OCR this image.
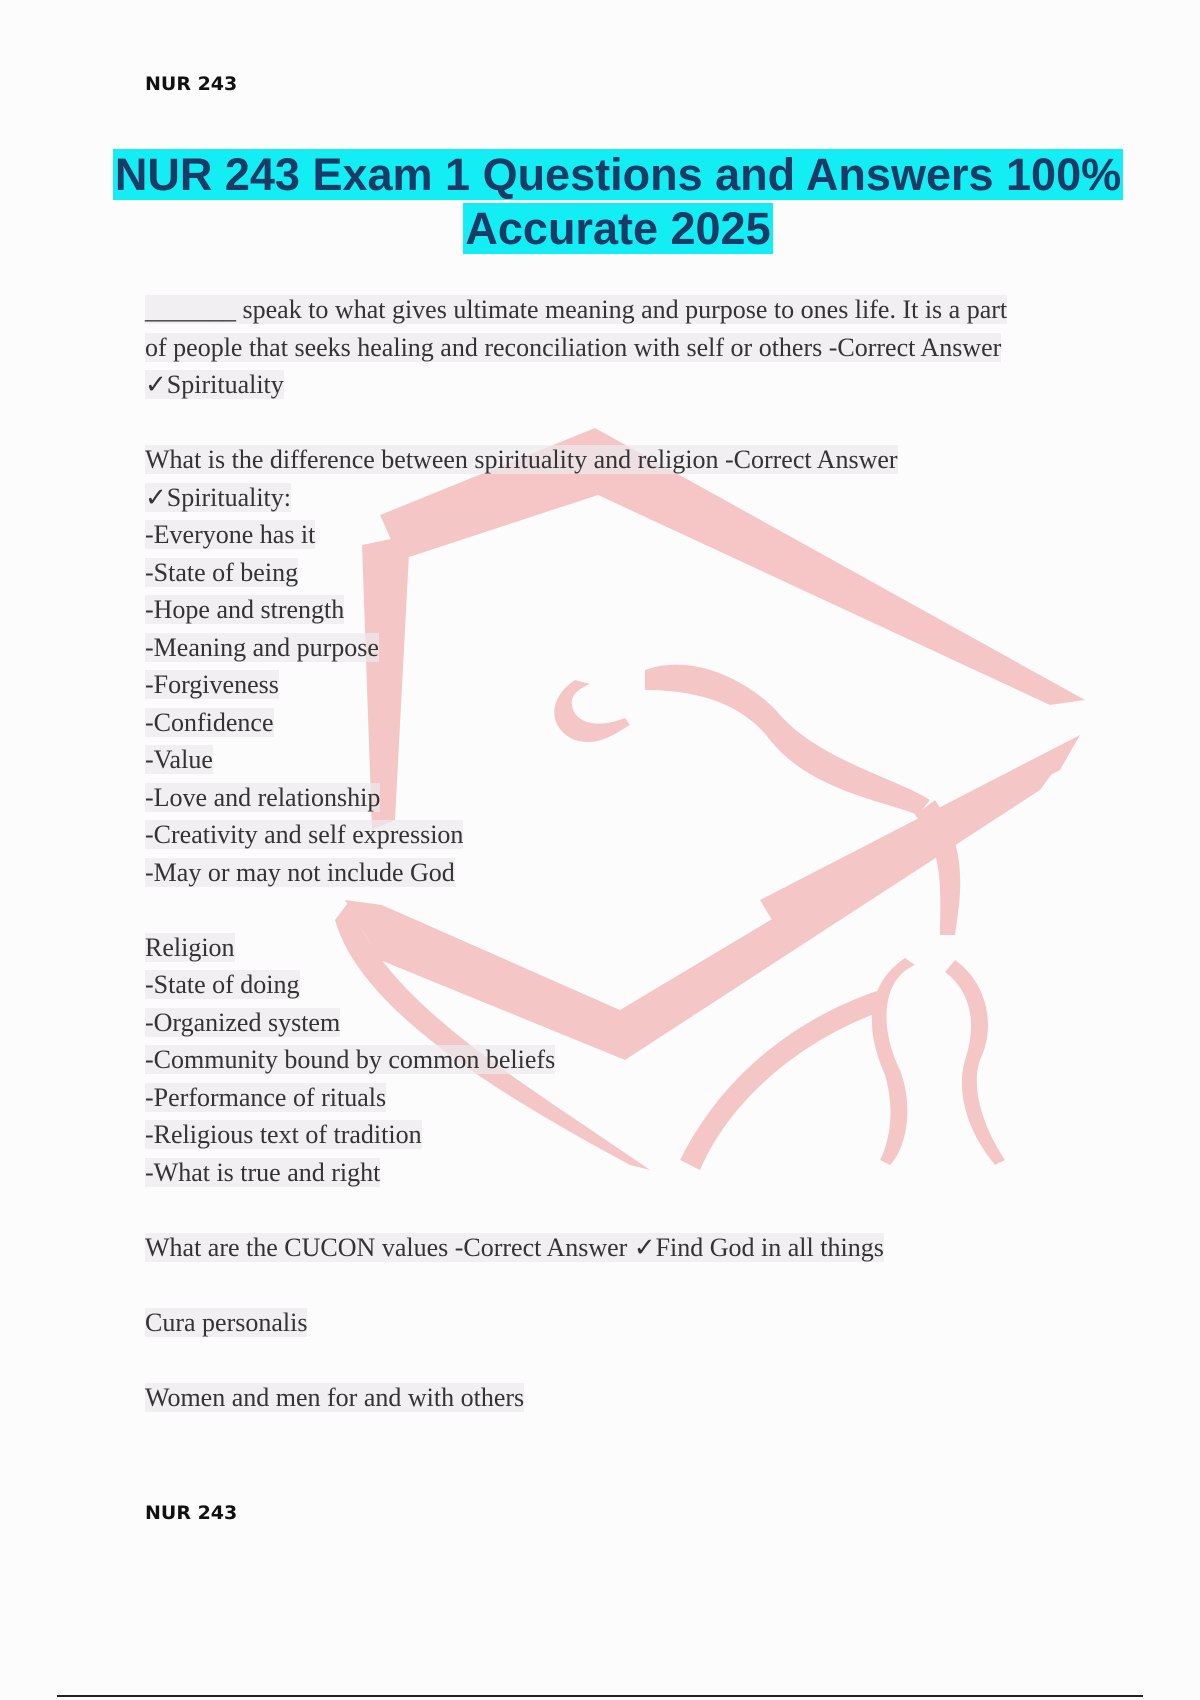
NUR 243
NUR 243 Exam 1 Questions and Answers 100%
Accurate 2025
_______ speak to what gives ultimate meaning and purpose to ones life. It is a part
of people that seeks healing and reconciliation with self or others -Correct Answer
✓Spirituality
What is the difference between spirituality and religion -Correct Answer
✓Spirituality:
-Everyone has it
-State of being
-Hope and strength
-Meaning and purpose
-Forgiveness
-Confidence
-Value
-Love and relationship
-Creativity and self expression
-May or may not include God
Religion
-State of doing
-Organized system
-Community bound by common beliefs
-Performance of rituals
-Religious text of tradition
-What is true and right
What are the CUCON values -Correct Answer ✓Find God in all things
Cura personalis
Women and men for and with others
NUR 243
